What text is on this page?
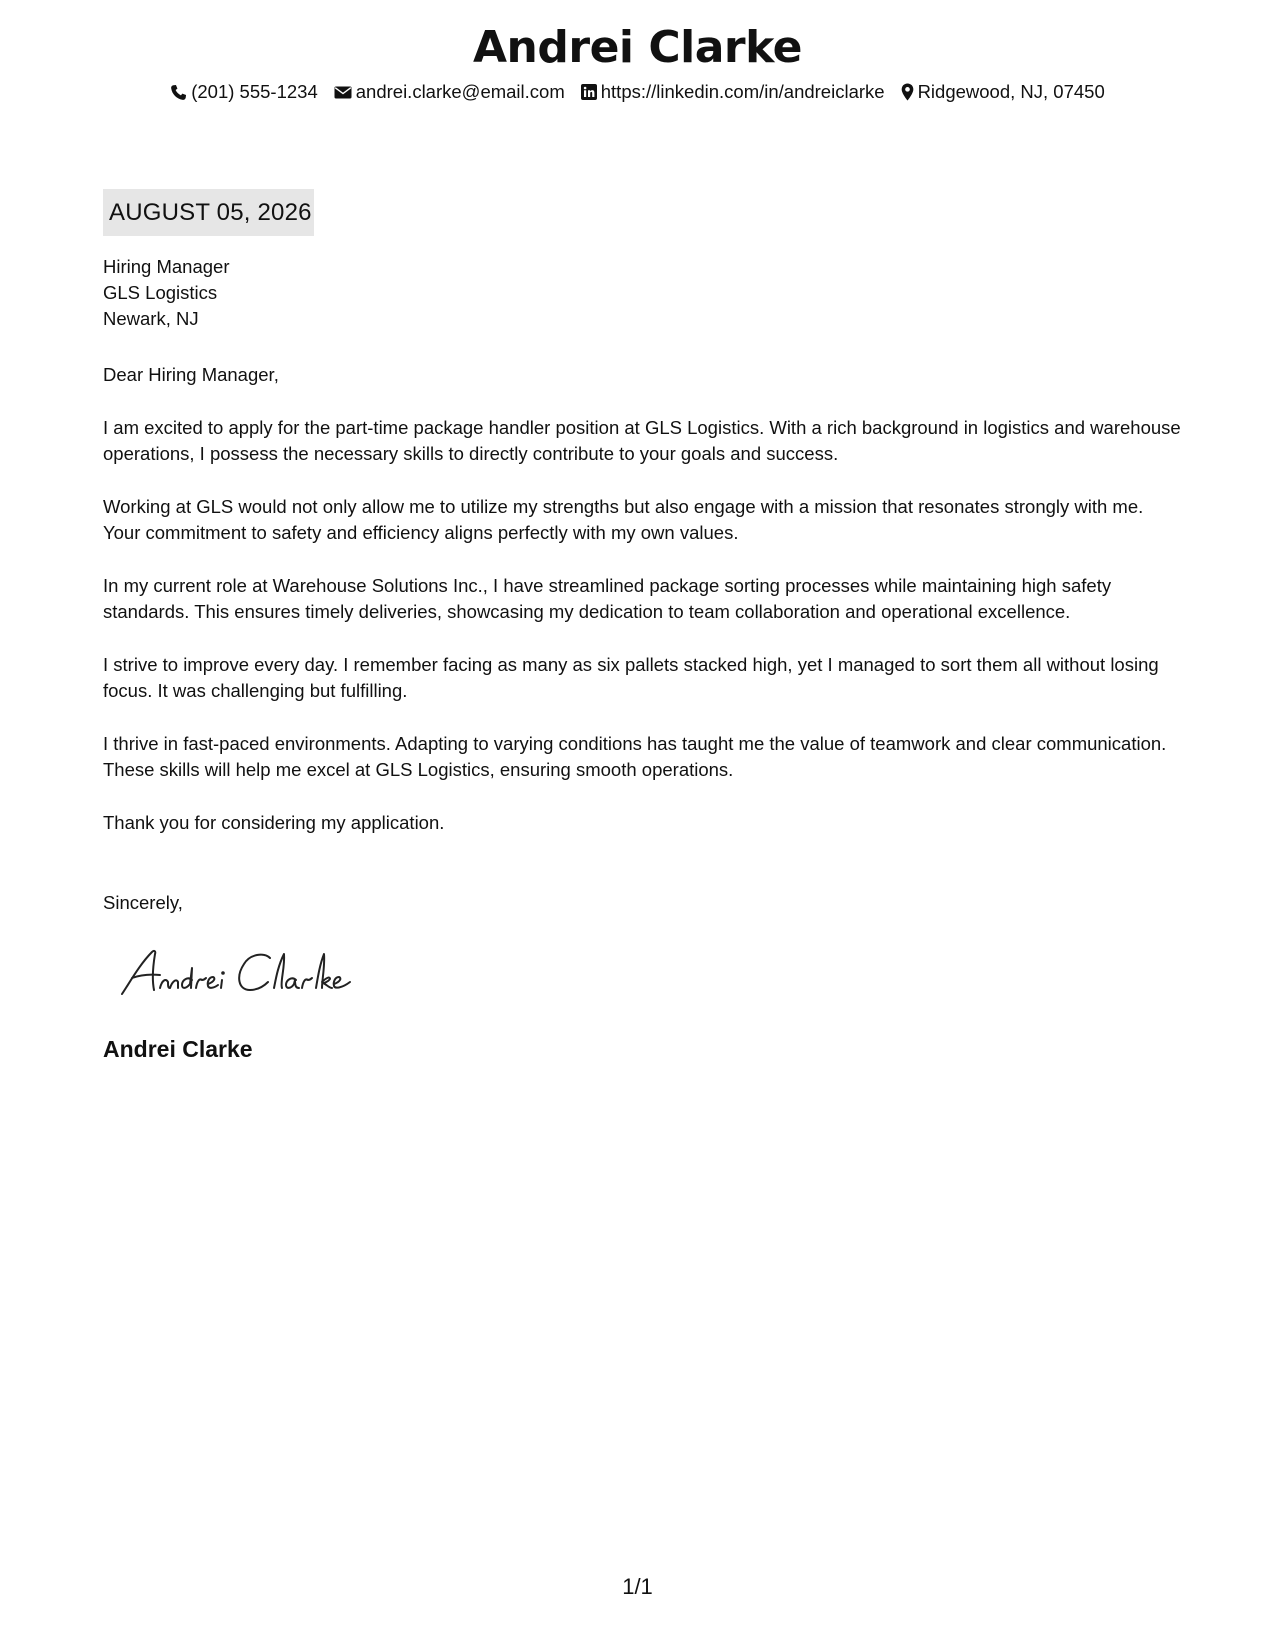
Andrei Clarke
(201) 555-1234 andrei.clarke@email.com https://linkedin.com/in/andreiclarke Ridgewood, NJ, 07450
AUGUST 05, 2026
Hiring Manager
GLS Logistics
Newark, NJ

Dear Hiring Manager,

I am excited to apply for the part-time package handler position at GLS Logistics. With a rich background in logistics and warehouse operations, I possess the necessary skills to directly contribute to your goals and success.

Working at GLS would not only allow me to utilize my strengths but also engage with a mission that resonates strongly with me. Your commitment to safety and efficiency aligns perfectly with my own values.

In my current role at Warehouse Solutions Inc., I have streamlined package sorting processes while maintaining high safety standards. This ensures timely deliveries, showcasing my dedication to team collaboration and operational excellence.

I strive to improve every day. I remember facing as many as six pallets stacked high, yet I managed to sort them all without losing focus. It was challenging but fulfilling.

I thrive in fast-paced environments. Adapting to varying conditions has taught me the value of teamwork and clear communication. These skills will help me excel at GLS Logistics, ensuring smooth operations.

Thank you for considering my application.

Sincerely,
Andrei Clarke
1/1
